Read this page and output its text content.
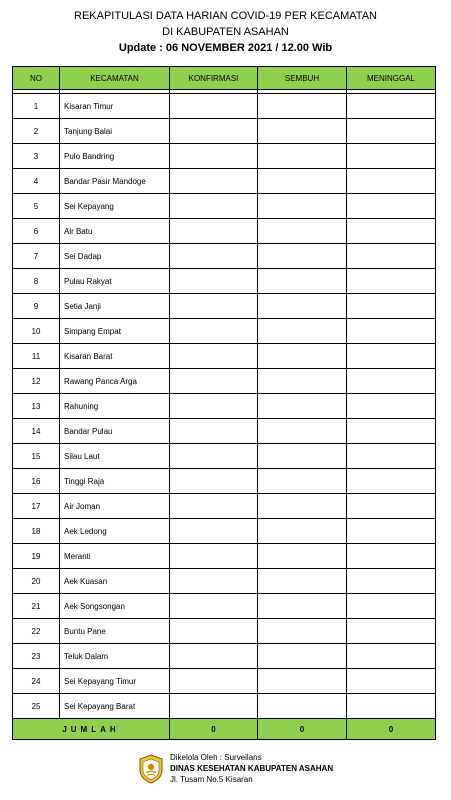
REKAPITULASI DATA HARIAN COVID-19 PER KECAMATAN
DI KABUPATEN ASAHAN
Update : 06 NOVEMBER 2021 / 12.00 Wib
NO	KECAMATAN	KONFIRMASI	SEMBUH	MENINGGAL

1	Kisaran Timur			
2	Tanjung Balai			
3	Pulo Bandring			
4	Bandar Pasir Mandoge			
5	Sei Kepayang			
6	Air Batu			
7	Sei Dadap			
8	Pulau Rakyat			
9	Setia Janji			
10	Simpang Empat			
11	Kisaran Barat			
12	Rawang Panca Arga			
13	Rahuning			
14	Bandar Pulau			
15	Silau Laut			
16	Tinggi Raja			
17	Air Joman			
18	Aek Ledong			
19	Meranti			
20	Aek Kuasan			
21	Aek Songsongan			
22	Buntu Pane			
23	Teluk Dalam			
24	Sei Kepayang Timur			
25	Sei Kepayang Barat			
JUMLAH		0	0	0
Dikelola Oleh : Surveilans
DINAS KESEHATAN KABUPATEN ASAHAN
Jl. Tusam No.5 Kisaran
